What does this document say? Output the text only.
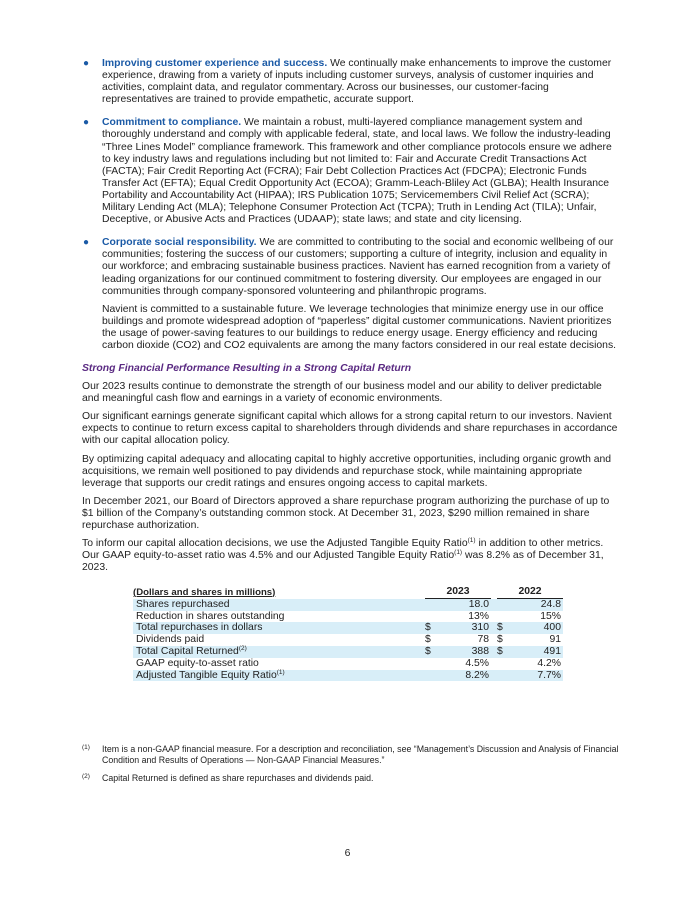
● Improving customer experience and success. We continually make enhancements to improve the customer experience, drawing from a variety of inputs including customer surveys, analysis of customer inquiries and activities, complaint data, and regulator commentary. Across our businesses, our customer-facing representatives are trained to provide empathetic, accurate support.

● Commitment to compliance. We maintain a robust, multi-layered compliance management system and thoroughly understand and comply with applicable federal, state, and local laws. We follow the industry-leading “Three Lines Model” compliance framework. This framework and other compliance protocols ensure we adhere to key industry laws and regulations including but not limited to: Fair and Accurate Credit Transactions Act (FACTA); Fair Credit Reporting Act (FCRA); Fair Debt Collection Practices Act (FDCPA); Electronic Funds Transfer Act (EFTA); Equal Credit Opportunity Act (ECOA); Gramm-Leach-Bliley Act (GLBA); Health Insurance Portability and Accountability Act (HIPAA); IRS Publication 1075; Servicemembers Civil Relief Act (SCRA); Military Lending Act (MLA); Telephone Consumer Protection Act (TCPA); Truth in Lending Act (TILA); Unfair, Deceptive, or Abusive Acts and Practices (UDAAP); state laws; and state and city licensing.

● Corporate social responsibility. We are committed to contributing to the social and economic wellbeing of our communities; fostering the success of our customers; supporting a culture of integrity, inclusion and equality in our workforce; and embracing sustainable business practices. Navient has earned recognition from a variety of leading organizations for our continued commitment to fostering diversity. Our employees are engaged in our communities through company-sponsored volunteering and philanthropic programs.

Navient is committed to a sustainable future. We leverage technologies that minimize energy use in our office buildings and promote widespread adoption of “paperless” digital customer communications. Navient prioritizes the usage of power-saving features to our buildings to reduce energy usage. Energy efficiency and reducing carbon dioxide (CO2) and CO2 equivalents are among the many factors considered in our real estate decisions.

Strong Financial Performance Resulting in a Strong Capital Return

Our 2023 results continue to demonstrate the strength of our business model and our ability to deliver predictable and meaningful cash flow and earnings in a variety of economic environments.

Our significant earnings generate significant capital which allows for a strong capital return to our investors. Navient expects to continue to return excess capital to shareholders through dividends and share repurchases in accordance with our capital allocation policy.

By optimizing capital adequacy and allocating capital to highly accretive opportunities, including organic growth and acquisitions, we remain well positioned to pay dividends and repurchase stock, while maintaining appropriate leverage that supports our credit ratings and ensures ongoing access to capital markets.

In December 2021, our Board of Directors approved a share repurchase program authorizing the purchase of up to $1 billion of the Company’s outstanding common stock. At December 31, 2023, $290 million remained in share repurchase authorization.

To inform our capital allocation decisions, we use the Adjusted Tangible Equity Ratio$^{(1)}$ in addition to other metrics. Our GAAP equity-to-asset ratio was 4.5% and our Adjusted Tangible Equity Ratio$^{(1)}$ was 8.2% as of December 31, 2023.

(Dollars and shares in millions)	2023			2022	
Shares repurchased		18.0			24.8
Reduction in shares outstanding		13%			15%
Total repurchases in dollars	$	310		$	400
Dividends paid	$	78		$	91
Total Capital Returned$^{(2)}$	$	388		$	491
GAAP equity-to-asset ratio		4.5%			4.2%
Adjusted Tangible Equity Ratio$^{(1)}$		8.2%			7.7%
(1) Item is a non-GAAP financial measure. For a description and reconciliation, see “Management’s Discussion and Analysis of Financial Condition and Results of Operations — Non-GAAP Financial Measures.”
(2) Capital Returned is defined as share repurchases and dividends paid.
6
